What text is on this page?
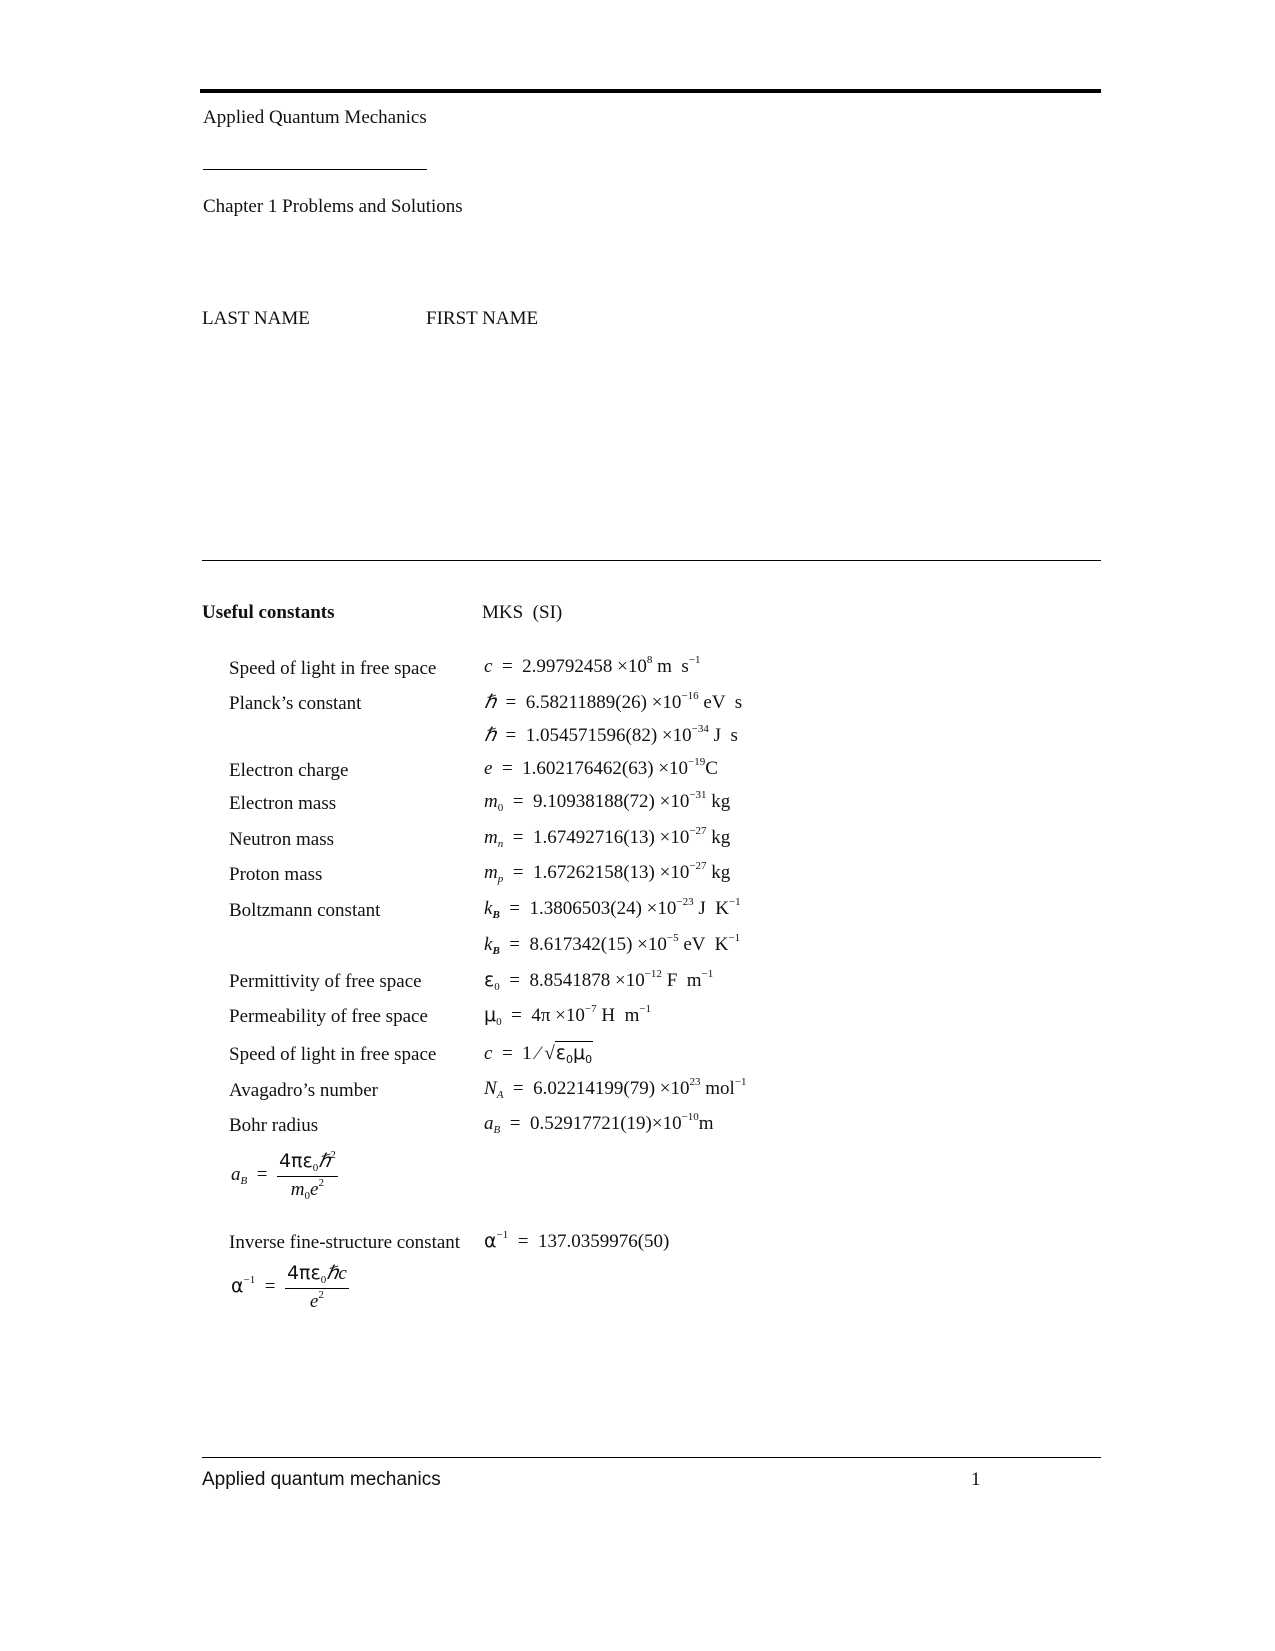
Applied Quantum Mechanics
Chapter 1 Problems and Solutions
LAST NAME	FIRST NAME
Useful constants	MKS  (SI)
Speed of light in free space	$c = 2.99792458 \times 10^8$ m  $s^{-1}$
Planck’s constant	ℏ  =  $6.58211889(26) \times 10^{-16}$ eV  s
ℏ  =  $1.054571596(82) \times 10^{-34}$ J  s
Electron charge	$e = 1.602176462(63) \times 10^{-19}C$
Electron mass	$m_0 = 9.10938188(72) \times 10^{-31}$ kg
Neutron mass	$m_n = 1.67492716(13) \times 10^{-27}$ kg
Proton mass	$m_p = 1.67262158(13) \times 10^{-27}$ kg
Boltzmann constant	$k_B = 1.3806503(24) \times 10^{-23}$ J  $K^{-1}$
$k_B = 8.617342(15) \times 10^{-5}$ eV  $K^{-1}$
Permittivity of free space	$\varepsilon_0 = 8.8541878 \times 10^{-12}$ F  $m^{-1}$
Permeability of free space	$\mu_0 = 4\pi \times 10^{-7}$ H  $m^{-1}$
Speed of light in free space	c  =  1 ⁄ $√\varepsilon_0\mu_0$
Avagadro’s number	$N_A = 6.02214199(79) \times 10^{23}$ mol$^{-1}$
Bohr radius	$a_B = 0.52917721(19)\times 10^{-10}m$
$a_B = \frac{4\pi\varepsilon_0\hbar^2}{m_0e^2}$
Inverse fine-structure constant $\alpha^{-1} = 137.0359976(50)$
$\alpha^{-1} = \frac{4\pi\varepsilon_0\hbar c}{e^2}$
Applied quantum mechanics	1
